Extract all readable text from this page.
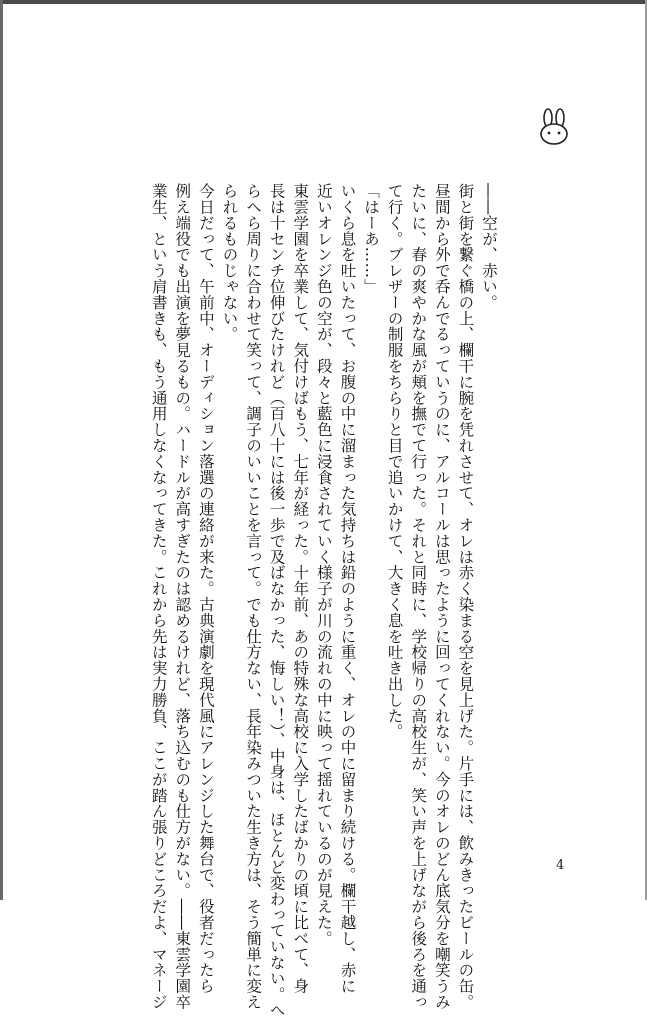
――空が、赤い。

街と街を繋ぐ橋の上、欄干に腕を凭れさせて、オレは赤く染まる空を見上げた。片手には、飲みきったビールの缶。

昼間から外で呑んでるっていうのに、アルコールは思ったように回ってくれない。今のオレのどん底気分を嘲笑うみ

たいに、春の爽やかな風が頬を撫でて行った。それと同時に、学校帰りの高校生が、笑い声を上げながら後ろを通っ

て行く。ブレザーの制服をちらりと目で追いかけて、大きく息を吐き出した。

「はーあ……」

いくら息を吐いたって、お腹の中に溜まった気持ちは鉛のように重く、オレの中に留まり続ける。欄干越し、赤に

近いオレンジ色の空が、段々と藍色に浸食されていく様子が川の流れの中に映って揺れているのが見えた。

東雲学園を卒業して、気付けばもう、七年が経った。十年前、あの特殊な高校に入学したばかりの頃に比べて、身

長は十センチ位伸びたけれど（百八十には後一歩で及ばなかった、悔しい！）、中身は、ほとんど変わっていない。へ

らへら周りに合わせて笑って、調子のいいことを言って。でも仕方ない、長年染みついた生き方は、そう簡単に変え

られるものじゃない。

今日だって、午前中、オーディション落選の連絡が来た。古典演劇を現代風にアレンジした舞台で、役者だったら

例え端役でも出演を夢見るもの。ハードルが高すぎたのは認めるけれど、落ち込むのも仕方がない。――東雲学園卒

業生、という肩書きも、もう通用しなくなってきた。これから先は実力勝負、ここが踏ん張りどころだよ、マネージ	4
